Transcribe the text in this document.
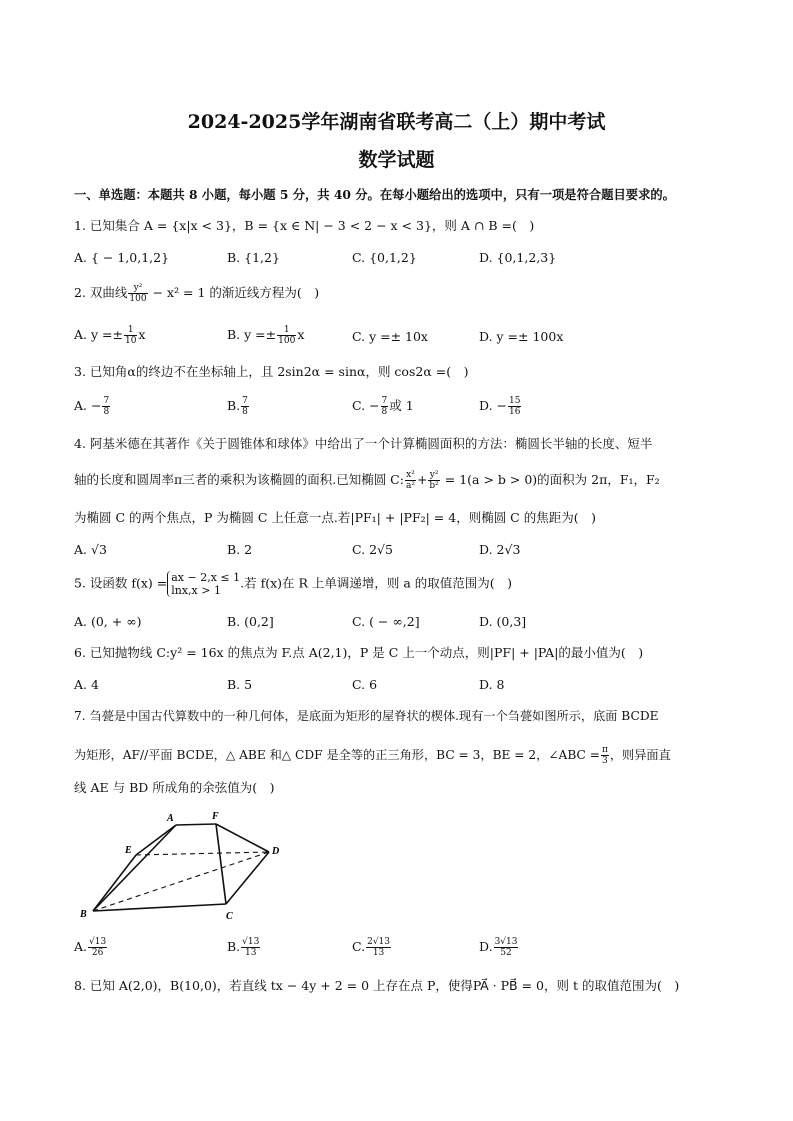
2024-2025学年湖南省联考高二（上）期中考试
数学试题
一、单选题：本题共 8 小题，每小题 5 分，共 40 分。在每小题给出的选项中，只有一项是符合题目要求的。
1. 已知集合 A = {x|x < 3}，B = {x ∈ N| − 3 < 2 − x < 3}，则 A ∩ B =(　)
A. { − 1,0,1,2}	B. {1,2}	C. {0,1,2}	D. {0,1,2,3}
2. 双曲线 $\frac{\text{y²}}{100} - x^2 = 1$ 的渐近线方程为(　)
A. $y =\pm \frac{1}{10}$ x	B. $y =\pm \frac{1}{100}$ x	C. y =± 10x	D. y =± 100x
3. 已知角α的终边不在坐标轴上，且 2sin2α = sinα，则 cos2α =(　)
A. − $\frac{7}{8}$	B. $\frac{7}{8}$	C. − $\frac{7}{8}$ 或 1	D. − $\frac{15}{16}$
4. 阿基米德在其著作《关于圆锥体和球体》中给出了一个计算椭圆面积的方法：椭圆长半轴的长度、短半
轴的长度和圆周率π三者的乘积为该椭圆的面积.已知椭圆 C: $\frac{\text{x²}}{\text{a²}} + \frac{\text{y²}}{\text{b²}} = 1(a > b > 0)$的面积为 2π，F₁，F₂
为椭圆 C 的两个焦点，P 为椭圆 C 上任意一点.若|PF₁| + |PF₂| = 4，则椭圆 C 的焦距为(　)
A. √3	B. 2	C. 2√5	D. 2√3
5. 设函数 f(x) = ax − 2,x ≤ 1
lnx,x > 1	.若 f(x)在 R 上单调递增，则 a 的取值范围为(　)
A. (0, + ∞)	B. (0,2]	C. ( − ∞,2]	D. (0,3]
6. 已知抛物线 C:y² = 16x 的焦点为 F.点 A(2,1)，P 是 C 上一个动点，则|PF| + |PA|的最小值为(　)
A. 4	B. 5	C. 6	D. 8
7. 刍甍是中国古代算数中的一种几何体，是底面为矩形的屋脊状的楔体.现有一个刍甍如图所示，底面 BCDE
为矩形，AF//平面 BCDE，△ ABE 和△ CDF 是全等的正三角形，BC = 3，BE = 2，∠ABC = $\frac{\pi}{3}$ ，则异面直
线 AE 与 BD 所成角的余弦值为(　)
A	F
E	D
B	C
A. $\frac{√13}{26}$	B. $\frac{√13}{13}$	C. $\frac{2√13}{13}$	D. $\frac{3√13}{52}$
8. 已知 A(2,0)，B(10,0)，若直线 tx − 4y + 2 = 0 上存在点 P，使得PA⃗ · PB⃗ = 0，则 t 的取值范围为(　)
